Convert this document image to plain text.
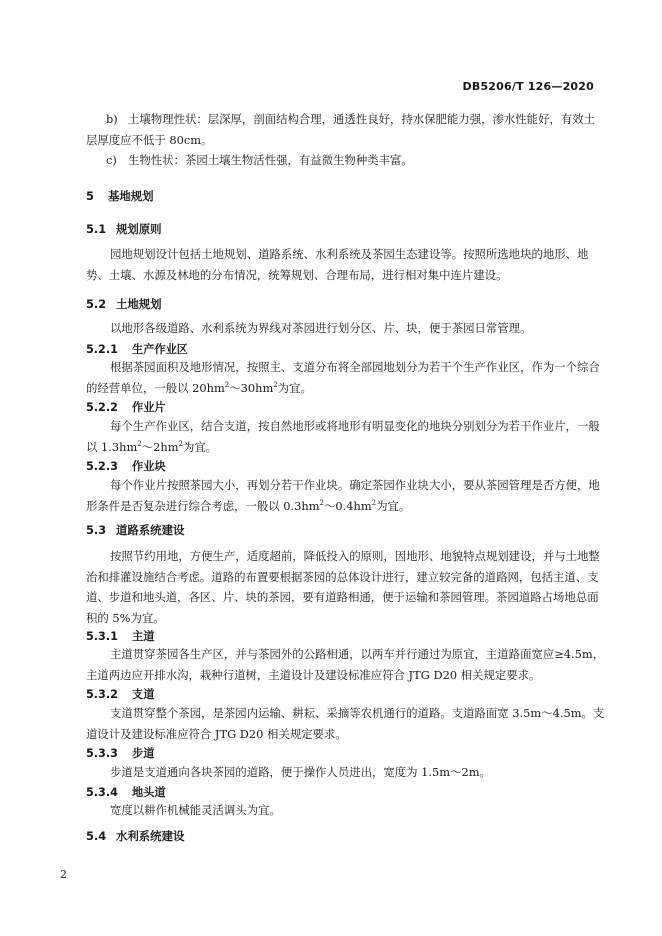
DB5206/T 126—2020
b) 土壤物理性状：层深厚，剖面结构合理，通透性良好，持水保肥能力强，渗水性能好，有效土层厚度应不低于 80cm。
c) 生物性状：茶园土壤生物活性强，有益微生物种类丰富。
5 基地规划
5.1 规划原则
园地规划设计包括土地规划、道路系统、水利系统及茶园生态建设等。按照所选地块的地形、地势、土壤、水源及林地的分布情况，统筹规划、合理布局，进行相对集中连片建设。
5.2 土地规划
以地形各级道路、水利系统为界线对茶园进行划分区、片、块，便于茶园日常管理。
5.2.1 生产作业区
根据茶园面积及地形情况，按照主、支道分布将全部园地划分为若干个生产作业区，作为一个综合的经营单位，一般以 $20hm^2\sim 30hm^2$为宜。
5.2.2 作业片
每个生产作业区，结合支道，按自然地形或将地形有明显变化的地块分别划分为若干作业片，一般以 $1.3hm^2\sim 2hm^2$为宜。
5.2.3 作业块
每个作业片按照茶园大小，再划分若干作业块。确定茶园作业块大小，要从茶园管理是否方便，地形条件是否复杂进行综合考虑，一般以 $0.3hm^2\sim 0.4hm^2$为宜。
5.3 道路系统建设
按照节约用地，方便生产，适度超前，降低投入的原则，因地形、地貌特点规划建设，并与土地整治和排灌设施结合考虑。道路的布置要根据茶园的总体设计进行，建立较完备的道路网，包括主道、支道、步道和地头道，各区、片、块的茶园，要有道路相通，便于运输和茶园管理。茶园道路占场地总面积的 5%为宜。
5.3.1 主道
主道贯穿茶园各生产区，并与茶园外的公路相通，以两车并行通过为原宜，主道路面宽应≥4.5m，主道两边应开排水沟，栽种行道树，主道设计及建设标准应符合 JTG D20 相关规定要求。
5.3.2 支道
支道贯穿整个茶园，是茶园内运输、耕耘、采摘等农机通行的道路。支道路面宽 3.5m～4.5m。支道设计及建设标准应符合 JTG D20 相关规定要求。
5.3.3 步道
步道是支道通向各块茶园的道路，便于操作人员进出，宽度为 1.5m～2m。
5.3.4 地头道
宽度以耕作机械能灵活调头为宜。
5.4 水利系统建设
2
